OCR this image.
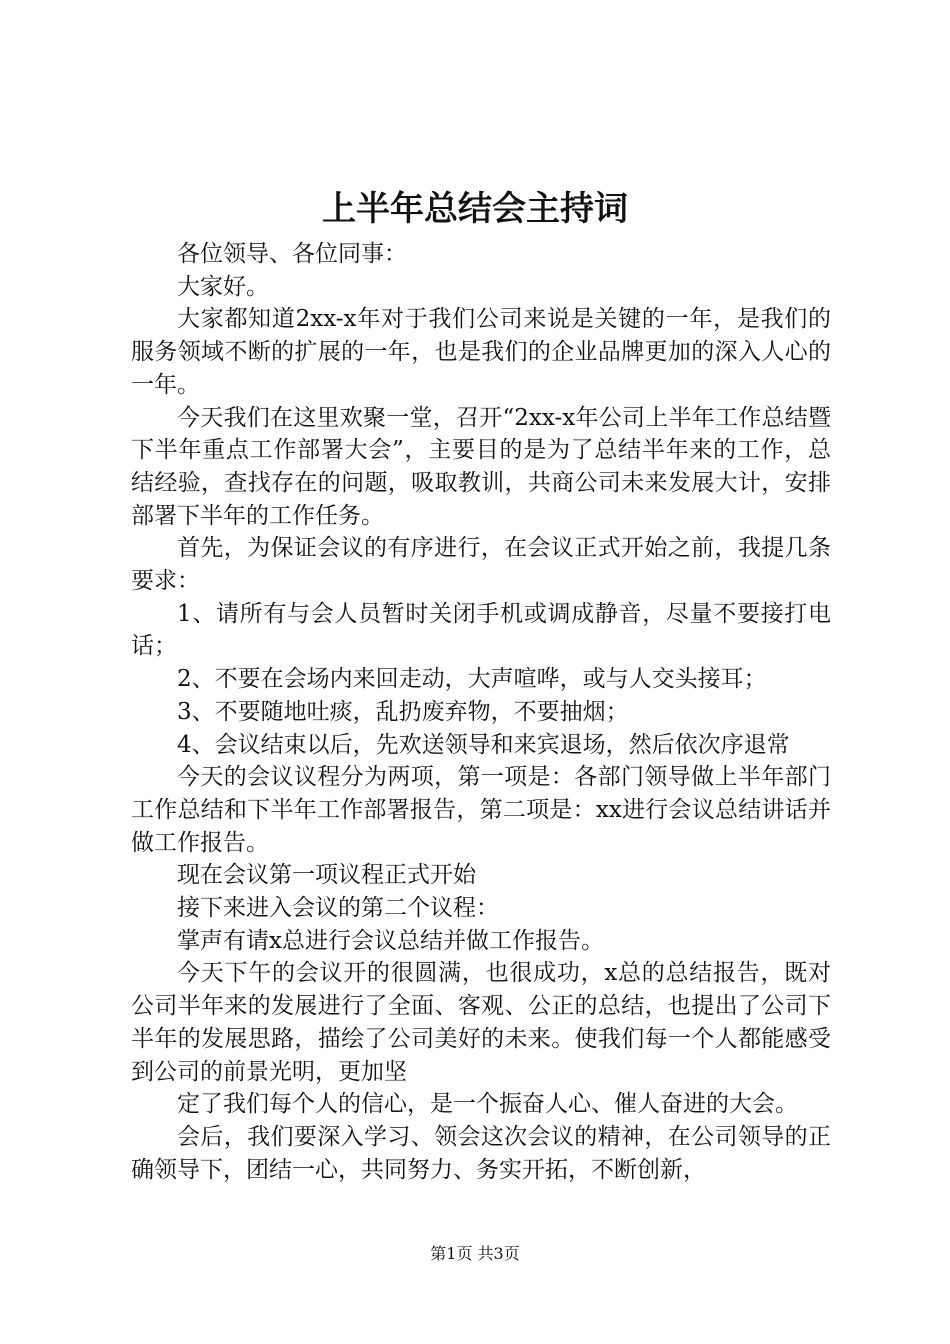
上半年总结会主持词

各位领导、各位同事：

大家好。

大家都知道2xx-x年对于我们公司来说是关键的一年，是我们的服务领域不断的扩展的一年，也是我们的企业品牌更加的深入人心的一年。

今天我们在这里欢聚一堂，召开“2xx-x年公司上半年工作总结暨下半年重点工作部署大会”，主要目的是为了总结半年来的工作，总结经验，查找存在的问题，吸取教训，共商公司未来发展大计，安排部署下半年的工作任务。

首先，为保证会议的有序进行，在会议正式开始之前，我提几条要求：

1、请所有与会人员暂时关闭手机或调成静音，尽量不要接打电话；

2、不要在会场内来回走动，大声喧哗，或与人交头接耳；

3、不要随地吐痰，乱扔废弃物，不要抽烟；

4、会议结束以后，先欢送领导和来宾退场，然后依次序退常

今天的会议议程分为两项，第一项是：各部门领导做上半年部门工作总结和下半年工作部署报告，第二项是：xx进行会议总结讲话并做工作报告。

现在会议第一项议程正式开始

接下来进入会议的第二个议程：

掌声有请x总进行会议总结并做工作报告。

今天下午的会议开的很圆满，也很成功，x总的总结报告，既对公司半年来的发展进行了全面、客观、公正的总结，也提出了公司下半年的发展思路，描绘了公司美好的未来。使我们每一个人都能感受到公司的前景光明，更加坚

定了我们每个人的信心，是一个振奋人心、催人奋进的大会。

会后，我们要深入学习、领会这次会议的精神，在公司领导的正确领导下，团结一心，共同努力、务实开拓，不断创新，

第1页 共3页
